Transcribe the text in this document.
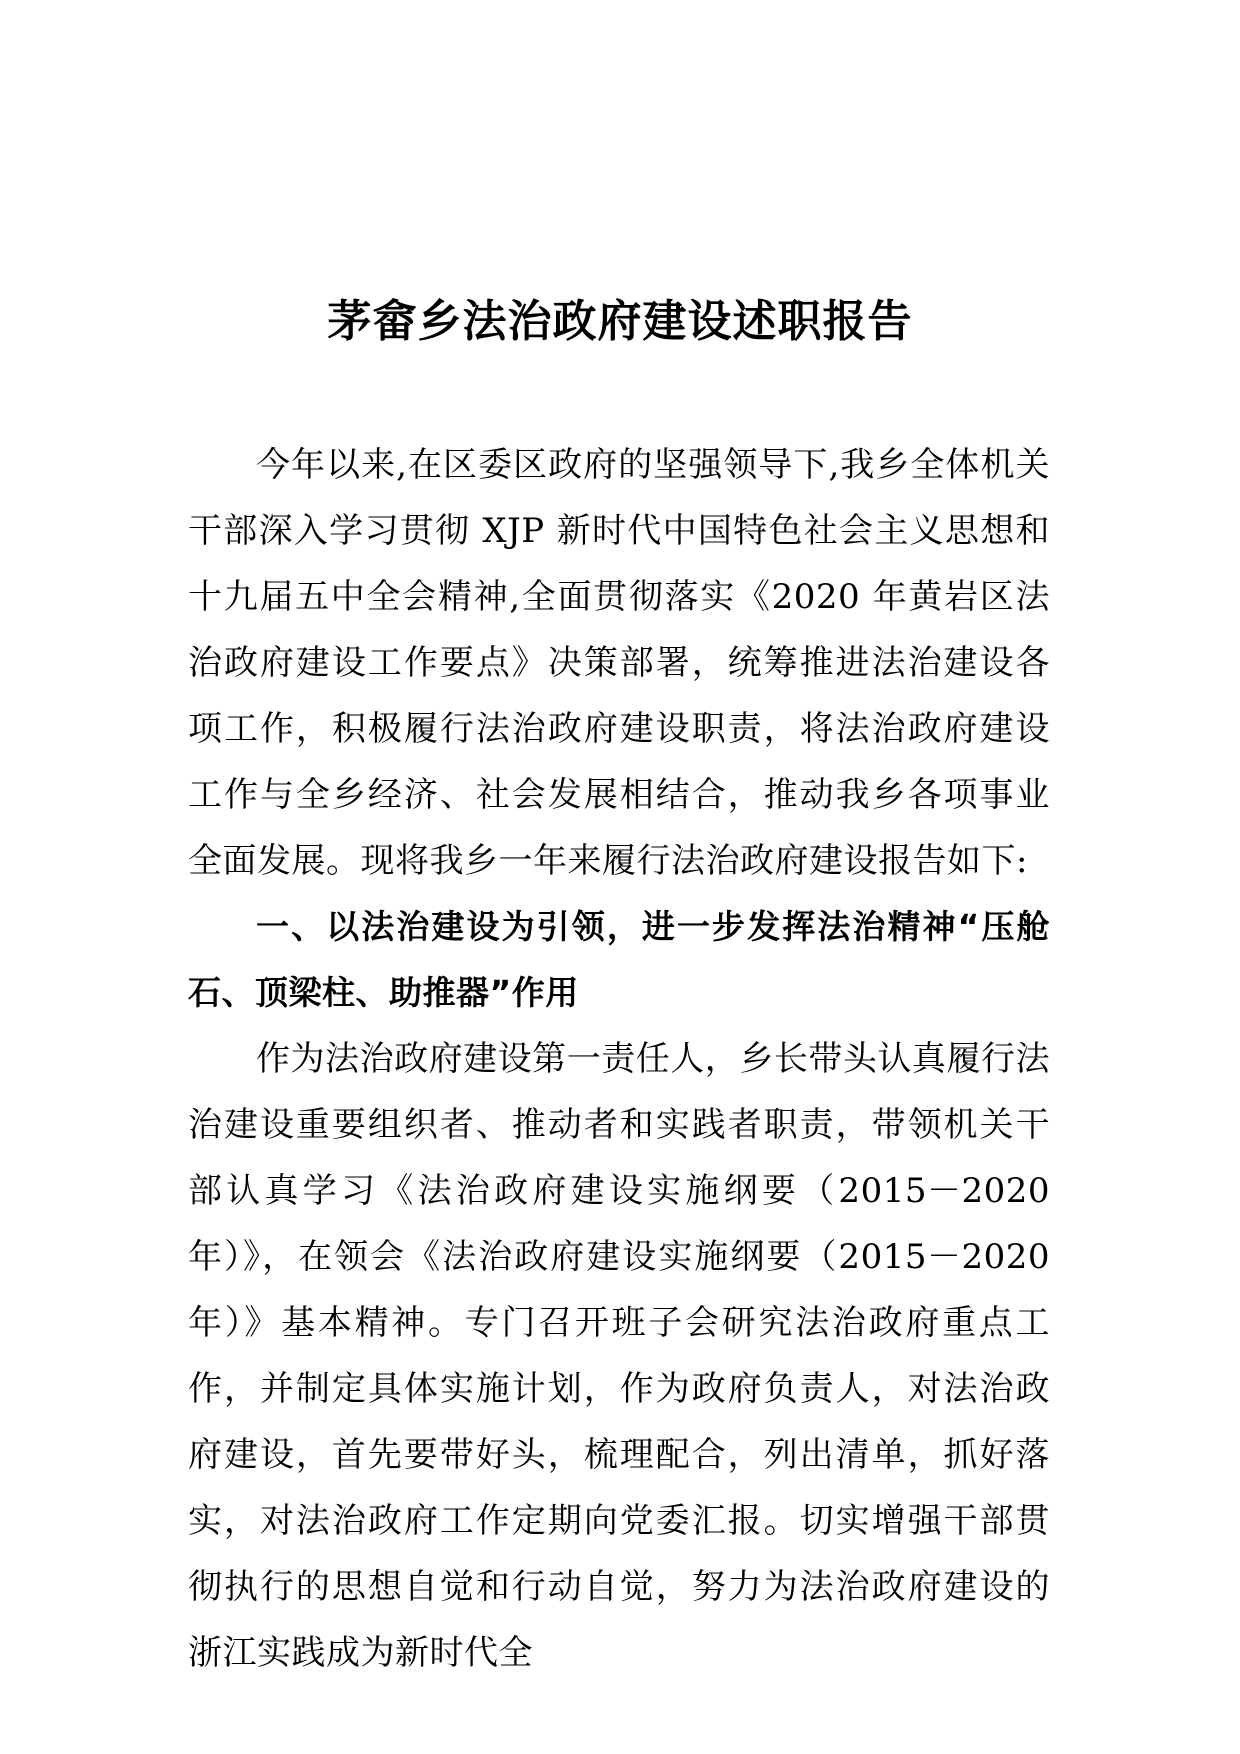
茅畲乡法治政府建设述职报告

今年以来,在区委区政府的坚强领导下,我乡全体机关干部深入学习贯彻 XJP 新时代中国特色社会主义思想和十九届五中全会精神,全面贯彻落实《2020 年黄岩区法治政府建设工作要点》决策部署，统筹推进法治建设各项工作，积极履行法治政府建设职责，将法治政府建设工作与全乡经济、社会发展相结合，推动我乡各项事业全面发展。现将我乡一年来履行法治政府建设报告如下:

一、以法治建设为引领，进一步发挥法治精神“压舱石、顶梁柱、助推器”作用

作为法治政府建设第一责任人，乡长带头认真履行法治建设重要组织者、推动者和实践者职责，带领机关干部认真学习《法治政府建设实施纲要（2015－2020 年）》，在领会《法治政府建设实施纲要（2015－2020 年）》基本精神。专门召开班子会研究法治政府重点工作，并制定具体实施计划，作为政府负责人，对法治政府建设，首先要带好头，梳理配合，列出清单，抓好落实，对法治政府工作定期向党委汇报。切实增强干部贯彻执行的思想自觉和行动自觉，努力为法治政府建设的浙江实践成为新时代全
